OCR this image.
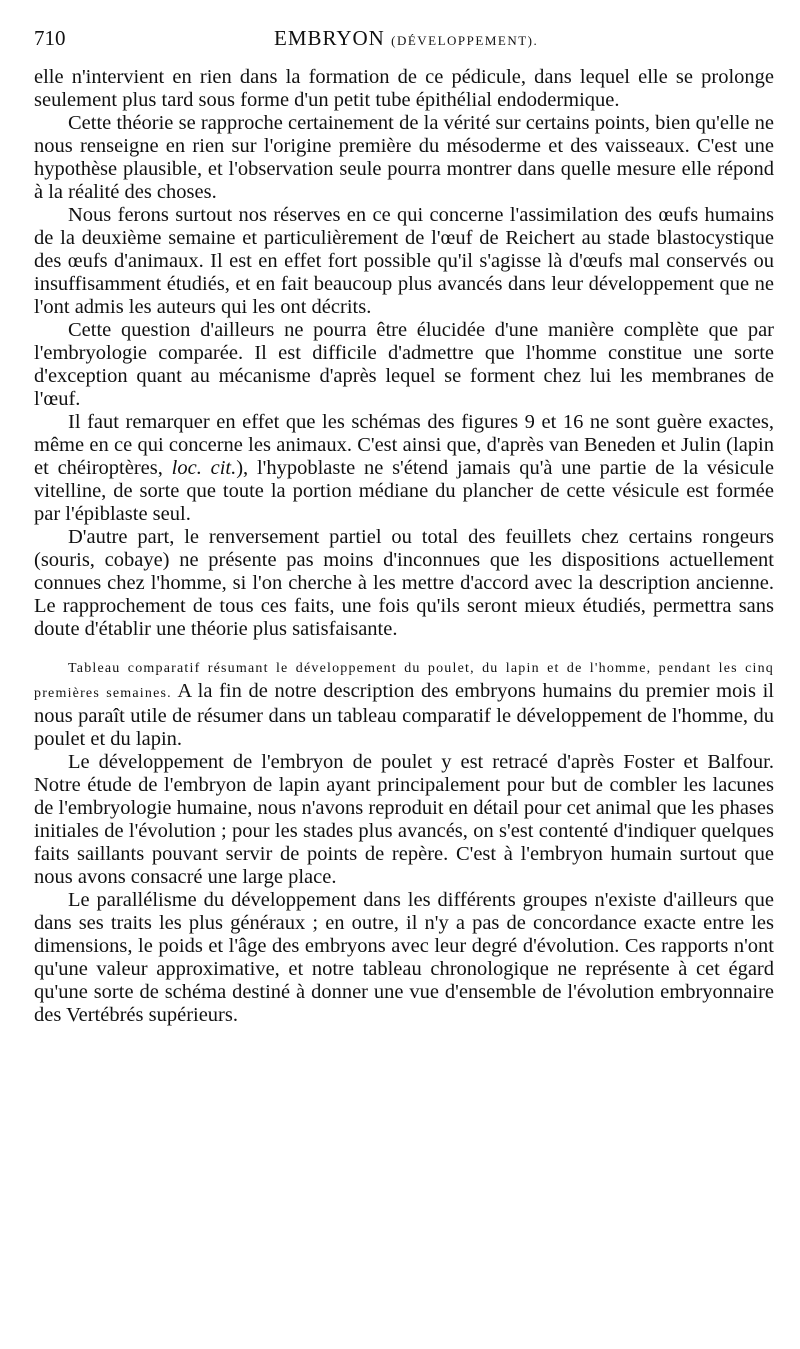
710	EMBRYON (DÉVELOPPEMENT).

elle n'intervient en rien dans la formation de ce pédicule, dans lequel elle se prolonge seulement plus tard sous forme d'un petit tube épithélial endodermique.

Cette théorie se rapproche certainement de la vérité sur certains points, bien qu'elle ne nous renseigne en rien sur l'origine première du mésoderme et des vaisseaux. C'est une hypothèse plausible, et l'observation seule pourra montrer dans quelle mesure elle répond à la réalité des choses.

Nous ferons surtout nos réserves en ce qui concerne l'assimilation des œufs humains de la deuxième semaine et particulièrement de l'œuf de Reichert au stade blastocystique des œufs d'animaux. Il est en effet fort possible qu'il s'agisse là d'œufs mal conservés ou insuffisamment étudiés, et en fait beaucoup plus avancés dans leur développement que ne l'ont admis les auteurs qui les ont décrits.

Cette question d'ailleurs ne pourra être élucidée d'une manière complète que par l'embryologie comparée. Il est difficile d'admettre que l'homme constitue une sorte d'exception quant au mécanisme d'après lequel se forment chez lui les membranes de l'œuf.

Il faut remarquer en effet que les schémas des figures 9 et 16 ne sont guère exactes, même en ce qui concerne les animaux. C'est ainsi que, d'après van Beneden et Julin (lapin et chéiroptères, loc. cit.), l'hypoblaste ne s'étend jamais qu'à une partie de la vésicule vitelline, de sorte que toute la portion médiane du plancher de cette vésicule est formée par l'épiblaste seul.

D'autre part, le renversement partiel ou total des feuillets chez certains rongeurs (souris, cobaye) ne présente pas moins d'inconnues que les dispositions actuellement connues chez l'homme, si l'on cherche à les mettre d'accord avec la description ancienne. Le rapprochement de tous ces faits, une fois qu'ils seront mieux étudiés, permettra sans doute d'établir une théorie plus satisfaisante.

Tableau comparatif résumant le développement du poulet, du lapin et de l'homme, pendant les cinq premières semaines. A la fin de notre description des embryons humains du premier mois il nous paraît utile de résumer dans un tableau comparatif le développement de l'homme, du poulet et du lapin.

Le développement de l'embryon de poulet y est retracé d'après Foster et Balfour. Notre étude de l'embryon de lapin ayant principalement pour but de combler les lacunes de l'embryologie humaine, nous n'avons reproduit en détail pour cet animal que les phases initiales de l'évolution ; pour les stades plus avancés, on s'est contenté d'indiquer quelques faits saillants pouvant servir de points de repère. C'est à l'embryon humain surtout que nous avons consacré une large place.

Le parallélisme du développement dans les différents groupes n'existe d'ailleurs que dans ses traits les plus généraux ; en outre, il n'y a pas de concordance exacte entre les dimensions, le poids et l'âge des embryons avec leur degré d'évolution. Ces rapports n'ont qu'une valeur approximative, et notre tableau chronologique ne représente à cet égard qu'une sorte de schéma destiné à donner une vue d'ensemble de l'évolution embryonnaire des Vertébrés supérieurs.
